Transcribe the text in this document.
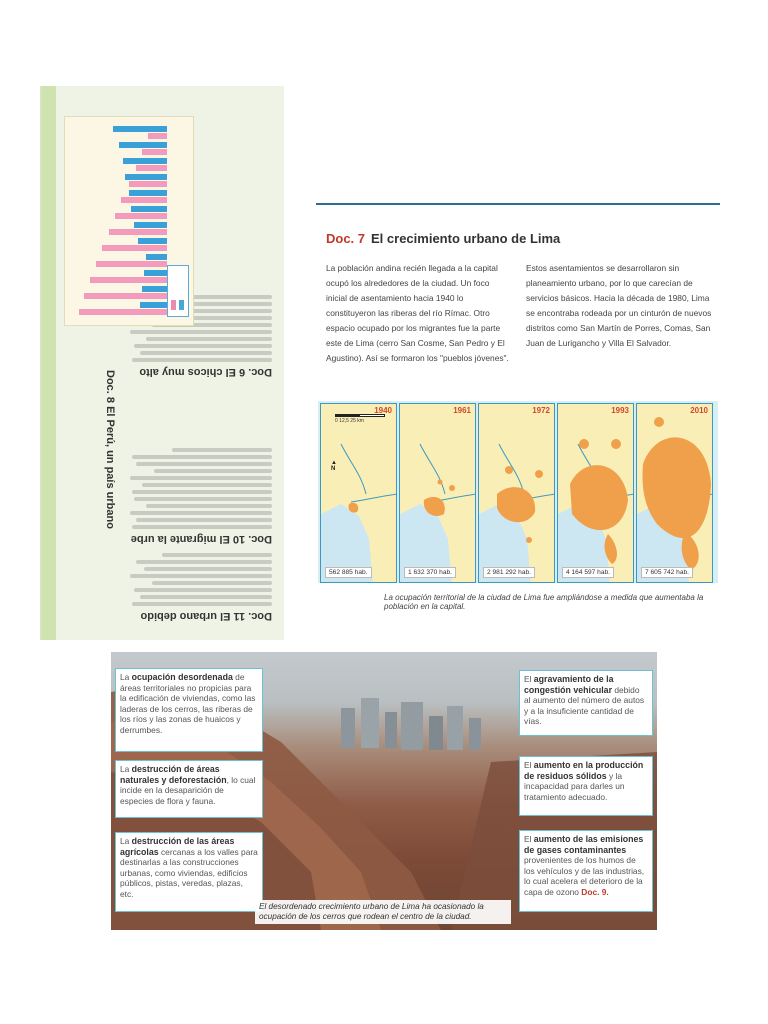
Doc. 11 El urbano debido
Doc. 10 El migrante la urbe
Doc. 6 El chicos muy alto
Doc. 8 El Perú, un país urbano
Doc. 7 El crecimiento urbano de Lima
La población andina recién llegada a la capital ocupó los alrededores de la ciudad. Un foco inicial de asentamiento hacia 1940 lo constituyeron las riberas del río Rímac. Otro espacio ocupado por los migrantes fue la parte este de Lima (cerro San Cosme, San Pedro y El Agustino). Así se formaron los "pueblos jóvenes". Estos asentamientos se desarrollaron sin planeamiento urbano, por lo que carecían de servicios básicos. Hacia la década de 1980, Lima se encontraba rodeada por un cinturón de nuevos distritos como San Martín de Porres, Comas, San Juan de Lurigancho y Villa El Salvador.
0 12,5 25 km
▲
N
1940
562 885 hab.
1961
1 632 370 hab.
1972
2 981 292 hab.
1993
4 164 597 hab.
2010
7 605 742 hab.
La ocupación territorial de la ciudad de Lima fue ampliándose a medida que aumentaba la población en la capital.
La ocupación desordenada de áreas territoriales no propicias para la edificación de viviendas, como las laderas de los cerros, las riberas de los ríos y las zonas de huaicos y derrumbes.
La destrucción de áreas naturales y deforestación, lo cual incide en la desaparición de especies de flora y fauna.
La destrucción de las áreas agrícolas cercanas a los valles para destinarlas a las construcciones urbanas, como viviendas, edificios públicos, pistas, veredas, plazas, etc.
El agravamiento de la congestión vehicular debido al aumento del número de autos y a la insuficiente cantidad de vías.
El aumento en la producción de residuos sólidos y la incapacidad para darles un tratamiento adecuado.
El aumento de las emisiones de gases contaminantes provenientes de los humos de los vehículos y de las industrias, lo cual acelera el deterioro de la capa de ozono Doc. 9.
El desordenado crecimiento urbano de Lima ha ocasionado la ocupación de los cerros que rodean el centro de la ciudad.
